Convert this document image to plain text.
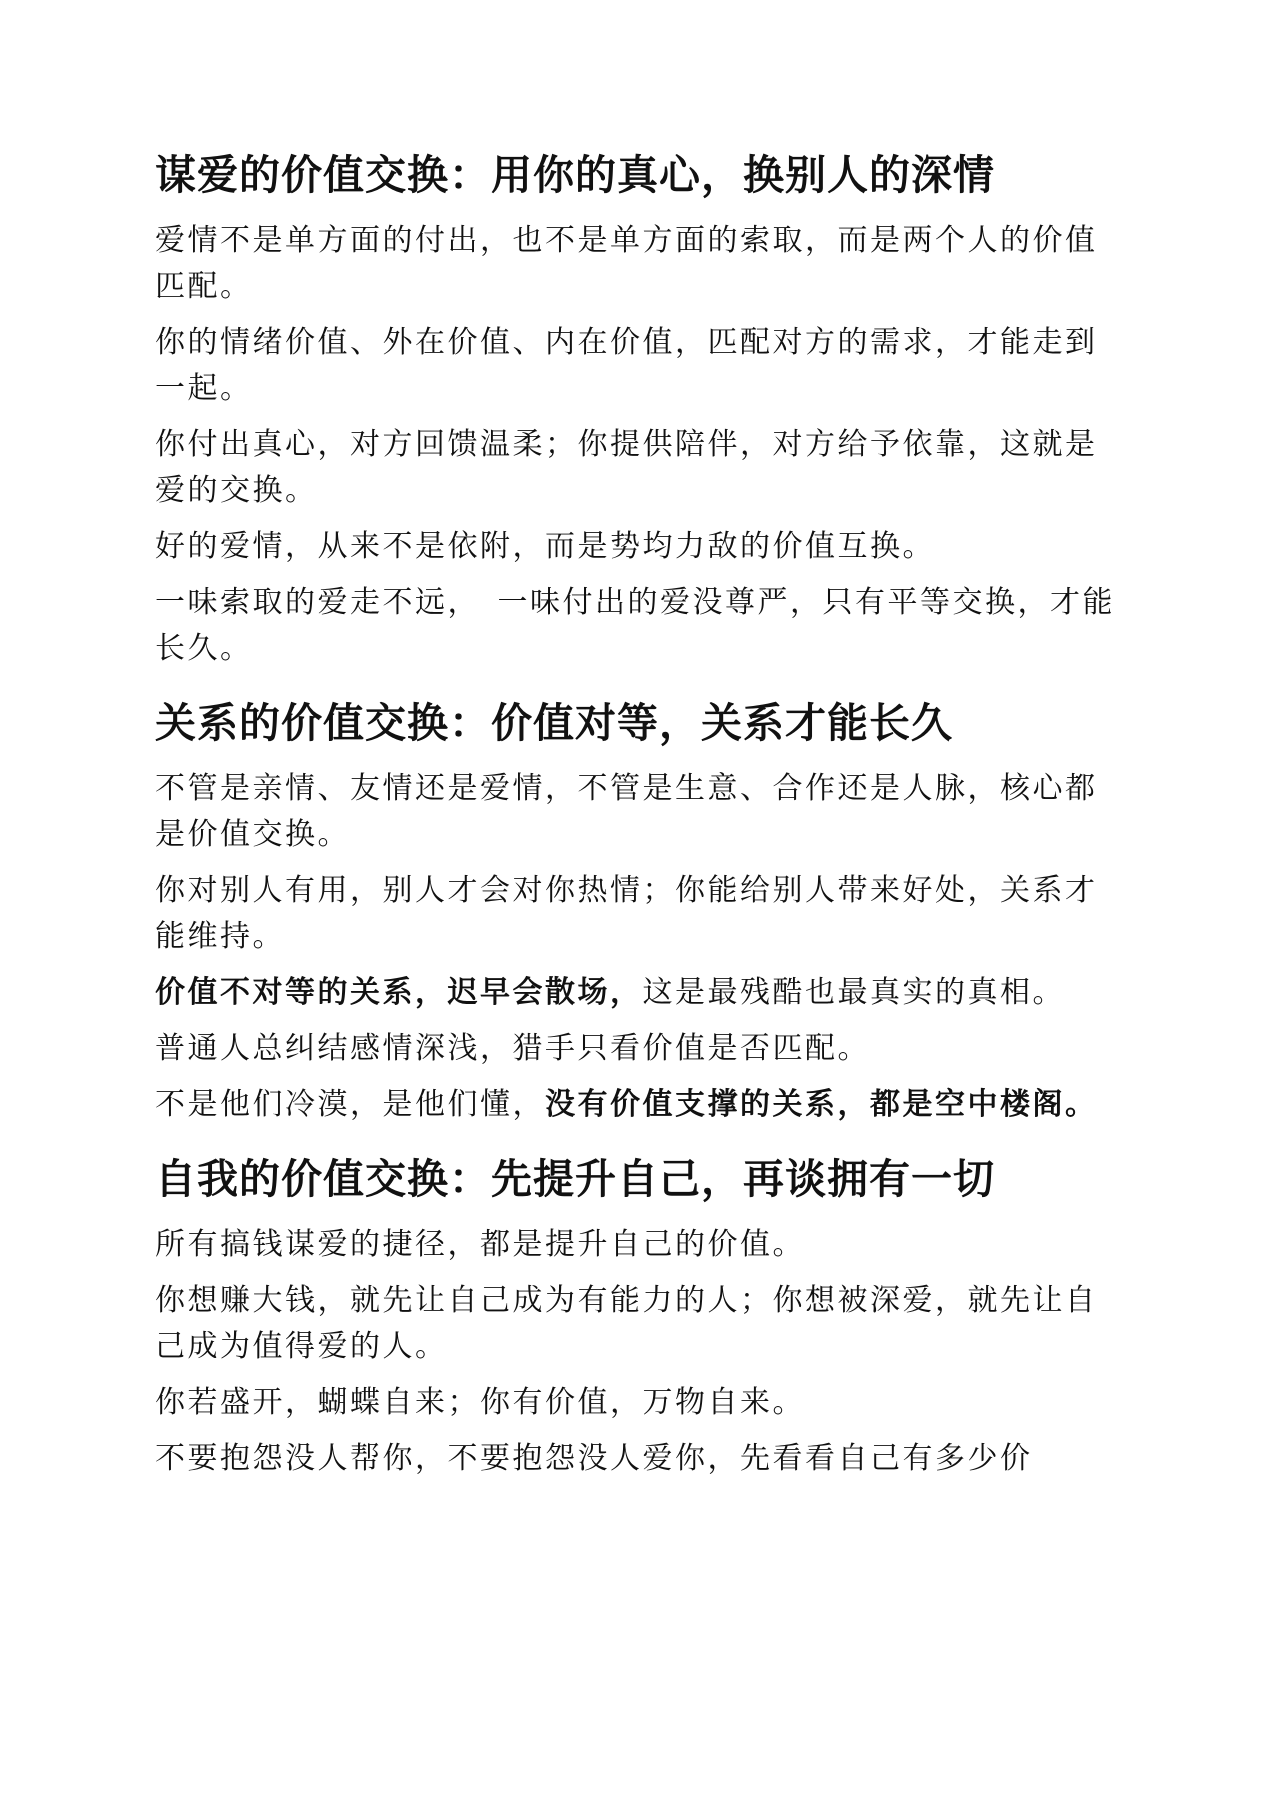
谋爱的价值交换：用你的真心，换别人的深情

爱情不是单方面的付出，也不是单方面的索取，而是两个人的价值匹配。

你的情绪价值、外在价值、内在价值，匹配对方的需求，才能走到一起。

你付出真心，对方回馈温柔；你提供陪伴，对方给予依靠，这就是爱的交换。

好的爱情，从来不是依附，而是势均力敌的价值互换。

一味索取的爱走不远，　一味付出的爱没尊严，只有平等交换，才能长久。

关系的价值交换：价值对等，关系才能长久

不管是亲情、友情还是爱情，不管是生意、合作还是人脉，核心都是价值交换。

你对别人有用，别人才会对你热情；你能给别人带来好处，关系才能维持。

价值不对等的关系，迟早会散场，这是最残酷也最真实的真相。

普通人总纠结感情深浅，猎手只看价值是否匹配。

不是他们冷漠，是他们懂，没有价值支撑的关系，都是空中楼阁。

自我的价值交换：先提升自己，再谈拥有一切

所有搞钱谋爱的捷径，都是提升自己的价值。

你想赚大钱，就先让自己成为有能力的人；你想被深爱，就先让自己成为值得爱的人。

你若盛开，蝴蝶自来；你有价值，万物自来。

不要抱怨没人帮你，不要抱怨没人爱你，先看看自己有多少价
